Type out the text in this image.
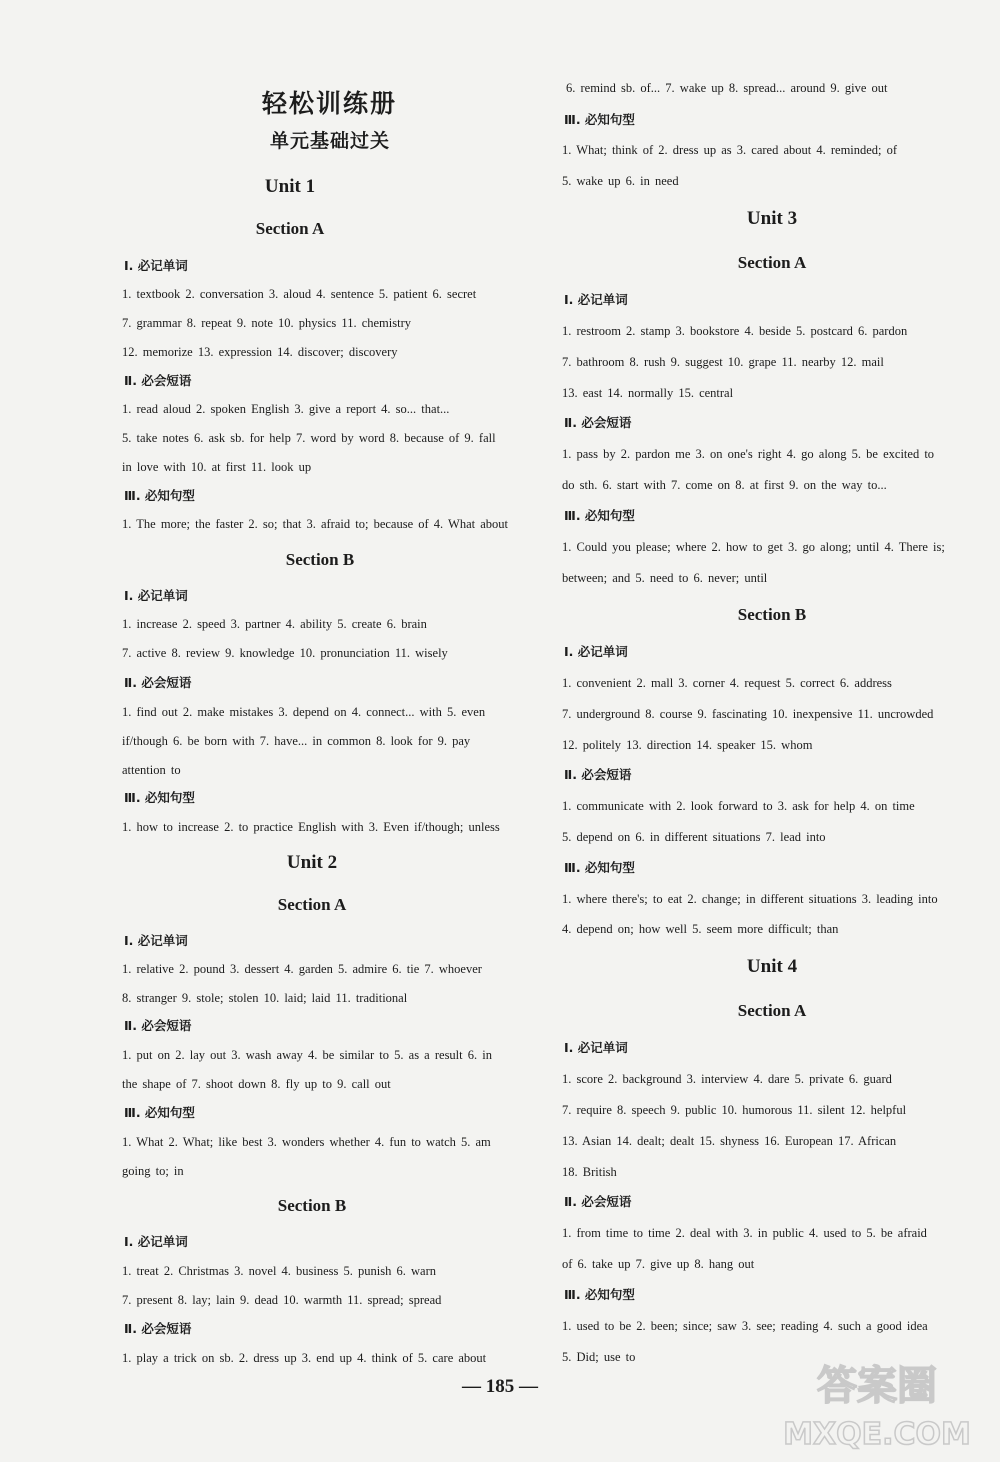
轻松训练册
单元基础过关
Unit 1
Section A
Ⅰ. 必记单词
1. textbook 2. conversation 3. aloud 4. sentence 5. patient 6. secret
7. grammar 8. repeat 9. note 10. physics 11. chemistry
12. memorize 13. expression 14. discover; discovery
Ⅱ. 必会短语
1. read aloud 2. spoken English 3. give a report 4. so... that...
5. take notes 6. ask sb. for help 7. word by word 8. because of 9. fall
in love with 10. at first 11. look up
Ⅲ. 必知句型
1. The more; the faster 2. so; that 3. afraid to; because of 4. What about
Section B
Ⅰ. 必记单词
1. increase 2. speed 3. partner 4. ability 5. create 6. brain
7. active 8. review 9. knowledge 10. pronunciation 11. wisely
Ⅱ. 必会短语
1. find out 2. make mistakes 3. depend on 4. connect... with 5. even
if/though 6. be born with 7. have... in common 8. look for 9. pay
attention to
Ⅲ. 必知句型
1. how to increase 2. to practice English with 3. Even if/though; unless
Unit 2
Section A
Ⅰ. 必记单词
1. relative 2. pound 3. dessert 4. garden 5. admire 6. tie 7. whoever
8. stranger 9. stole; stolen 10. laid; laid 11. traditional
Ⅱ. 必会短语
1. put on 2. lay out 3. wash away 4. be similar to 5. as a result 6. in
the shape of 7. shoot down 8. fly up to 9. call out
Ⅲ. 必知句型
1. What 2. What; like best 3. wonders whether 4. fun to watch 5. am
going to; in
Section B
Ⅰ. 必记单词
1. treat 2. Christmas 3. novel 4. business 5. punish 6. warn
7. present 8. lay; lain 9. dead 10. warmth 11. spread; spread
Ⅱ. 必会短语
1. play a trick on sb. 2. dress up 3. end up 4. think of 5. care about
6. remind sb. of... 7. wake up 8. spread... around 9. give out
Ⅲ. 必知句型
1. What; think of 2. dress up as 3. cared about 4. reminded; of
5. wake up 6. in need
Unit 3
Section A
Ⅰ. 必记单词
1. restroom 2. stamp 3. bookstore 4. beside 5. postcard 6. pardon
7. bathroom 8. rush 9. suggest 10. grape 11. nearby 12. mail
13. east 14. normally 15. central
Ⅱ. 必会短语
1. pass by 2. pardon me 3. on one's right 4. go along 5. be excited to
do sth. 6. start with 7. come on 8. at first 9. on the way to...
Ⅲ. 必知句型
1. Could you please; where 2. how to get 3. go along; until 4. There is;
between; and 5. need to 6. never; until
Section B
Ⅰ. 必记单词
1. convenient 2. mall 3. corner 4. request 5. correct 6. address
7. underground 8. course 9. fascinating 10. inexpensive 11. uncrowded
12. politely 13. direction 14. speaker 15. whom
Ⅱ. 必会短语
1. communicate with 2. look forward to 3. ask for help 4. on time
5. depend on 6. in different situations 7. lead into
Ⅲ. 必知句型
1. where there's; to eat 2. change; in different situations 3. leading into
4. depend on; how well 5. seem more difficult; than
Unit 4
Section A
Ⅰ. 必记单词
1. score 2. background 3. interview 4. dare 5. private 6. guard
7. require 8. speech 9. public 10. humorous 11. silent 12. helpful
13. Asian 14. dealt; dealt 15. shyness 16. European 17. African
18. British
Ⅱ. 必会短语
1. from time to time 2. deal with 3. in public 4. used to 5. be afraid
of 6. take up 7. give up 8. hang out
Ⅲ. 必知句型
1. used to be 2. been; since; saw 3. see; reading 4. such a good idea
5. Did; use to
— 185 —	答案圈
MXQE.COM
